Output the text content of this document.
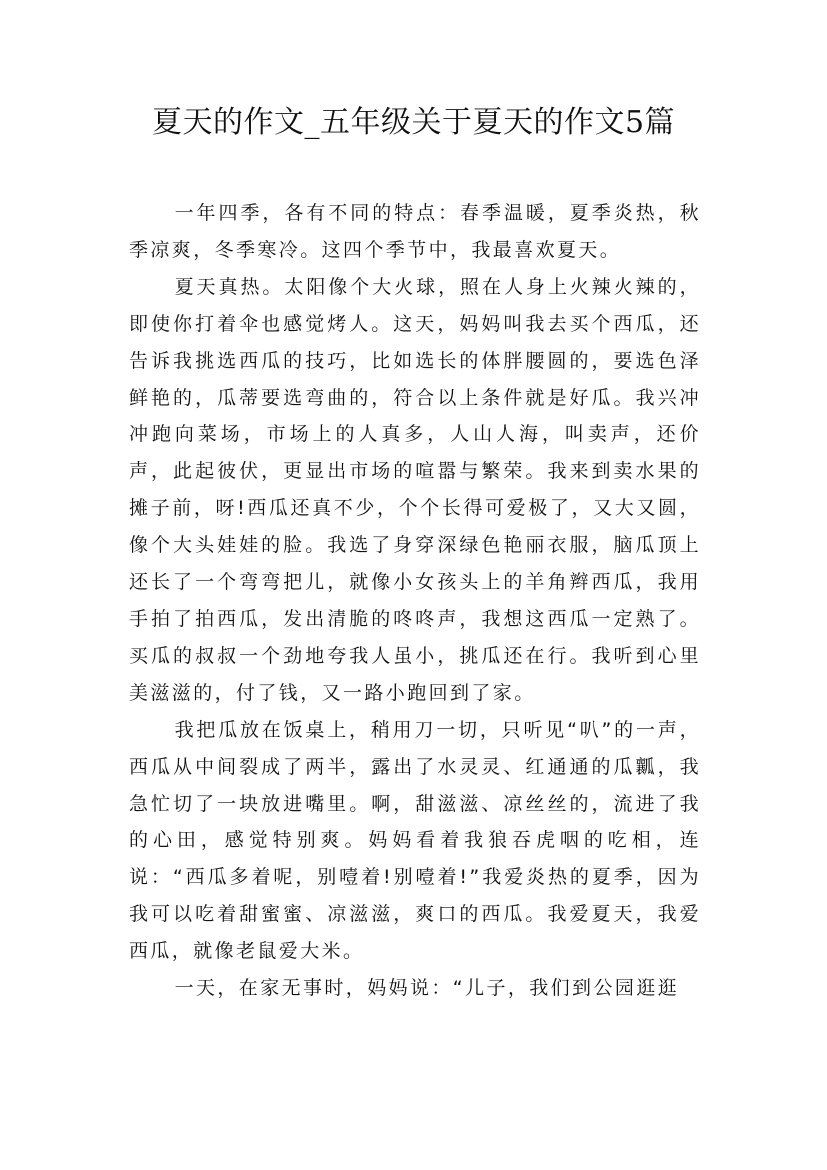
夏天的作文_五年级关于夏天的作文5篇

一年四季，各有不同的特点：春季温暖，夏季炎热，秋季凉爽，冬季寒冷。这四个季节中，我最喜欢夏天。

夏天真热。太阳像个大火球，照在人身上火辣火辣的，即使你打着伞也感觉烤人。这天，妈妈叫我去买个西瓜，还告诉我挑选西瓜的技巧，比如选长的体胖腰圆的，要选色泽鲜艳的，瓜蒂要选弯曲的，符合以上条件就是好瓜。我兴冲冲跑向菜场，市场上的人真多，人山人海，叫卖声，还价声，此起彼伏，更显出市场的喧嚣与繁荣。我来到卖水果的摊子前，呀!西瓜还真不少，个个长得可爱极了，又大又圆，像个大头娃娃的脸。我选了身穿深绿色艳丽衣服，脑瓜顶上还长了一个弯弯把儿，就像小女孩头上的羊角辫西瓜，我用手拍了拍西瓜，发出清脆的咚咚声，我想这西瓜一定熟了。买瓜的叔叔一个劲地夸我人虽小，挑瓜还在行。我听到心里美滋滋的，付了钱，又一路小跑回到了家。

我把瓜放在饭桌上，稍用刀一切，只听见“叭”的一声，西瓜从中间裂成了两半，露出了水灵灵、红通通的瓜瓤，我急忙切了一块放进嘴里。啊，甜滋滋、凉丝丝的，流进了我的心田，感觉特别爽。妈妈看着我狼吞虎咽的吃相，连说：“西瓜多着呢，别噎着!别噎着!”我爱炎热的夏季，因为我可以吃着甜蜜蜜、凉滋滋，爽口的西瓜。我爱夏天，我爱西瓜，就像老鼠爱大米。

一天，在家无事时，妈妈说：“儿子，我们到公园逛逛
